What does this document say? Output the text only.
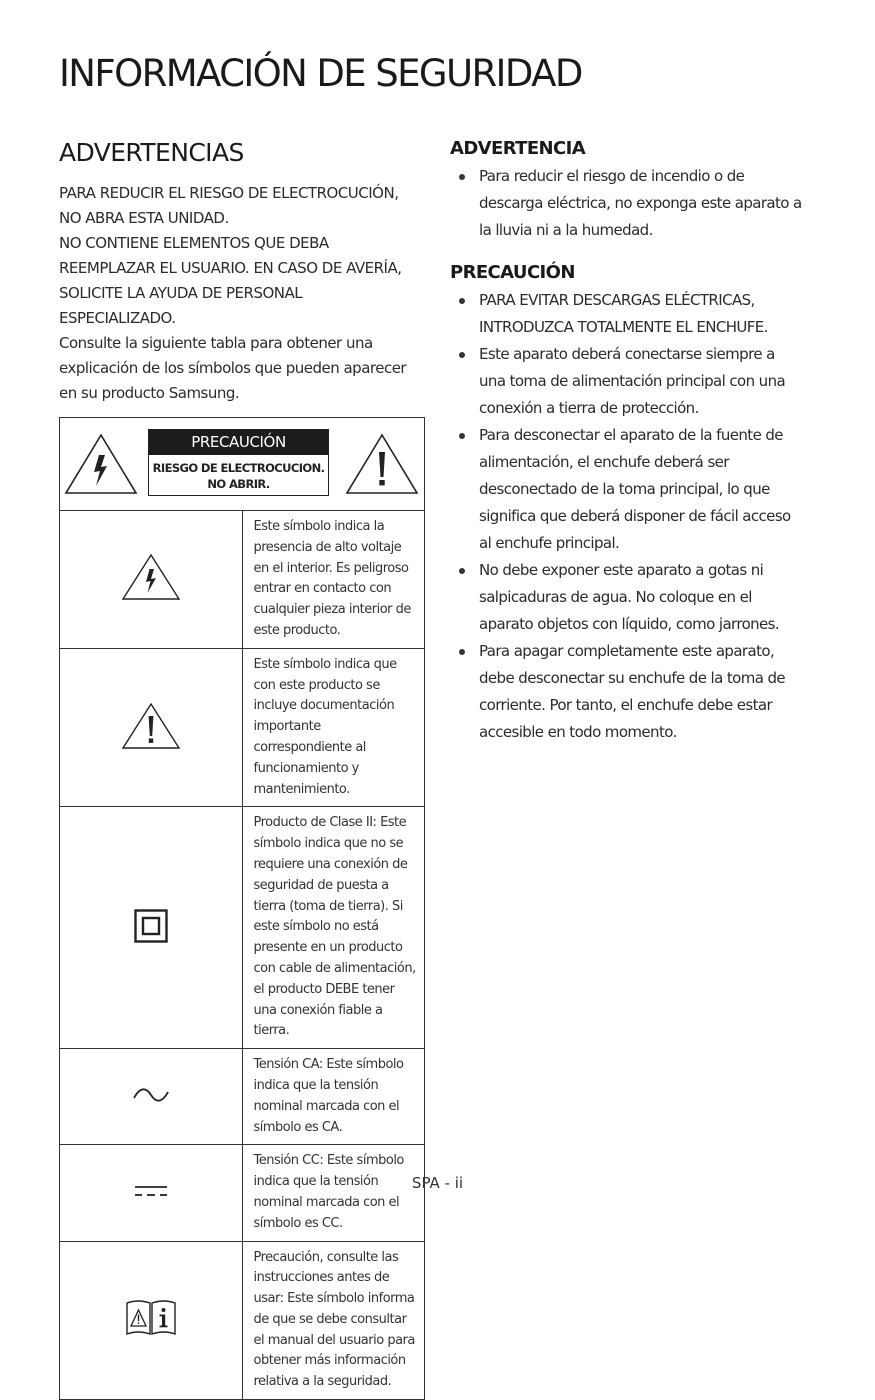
INFORMACIÓN DE SEGURIDAD
ADVERTENCIAS
PARA REDUCIR EL RIESGO DE ELECTROCUCIÓN,
NO ABRA ESTA UNIDAD.
NO CONTIENE ELEMENTOS QUE DEBA
REEMPLAZAR EL USUARIO. EN CASO DE AVERÍA,
SOLICITE LA AYUDA DE PERSONAL
ESPECIALIZADO.
Consulte la siguiente tabla para obtener una
explicación de los símbolos que pueden aparecer
en su producto Samsung.
PRECAUCIÓN
RIESGO DE ELECTROCUCION.
NO ABRIR.	

	Este símbolo indica la presencia de alto voltaje en el interior. Es peligroso entrar en contacto con cualquier pieza interior de este producto.
	Este símbolo indica que con este producto se incluye documentación importante correspondiente al funcionamiento y mantenimiento.
	Producto de Clase II: Este símbolo indica que no se requiere una conexión de seguridad de puesta a tierra (toma de tierra). Si este símbolo no está presente en un producto con cable de alimentación, el producto DEBE tener una conexión fiable a tierra.
	Tensión CA: Este símbolo indica que la tensión nominal marcada con el símbolo es CA.
	Tensión CC: Este símbolo indica que la tensión nominal marcada con el símbolo es CC.
	Precaución, consulte las instrucciones antes de usar: Este símbolo informa de que se debe consultar el manual del usuario para obtener más información relativa a la seguridad.
ADVERTENCIA
Para reducir el riesgo de incendio o de
descarga eléctrica, no exponga este aparato a
la lluvia ni a la humedad.
PRECAUCIÓN
PARA EVITAR DESCARGAS ELÉCTRICAS,
INTRODUZCA TOTALMENTE EL ENCHUFE.
Este aparato deberá conectarse siempre a
una toma de alimentación principal con una
conexión a tierra de protección.
Para desconectar el aparato de la fuente de
alimentación, el enchufe deberá ser
desconectado de la toma principal, lo que
significa que deberá disponer de fácil acceso
al enchufe principal.
No debe exponer este aparato a gotas ni
salpicaduras de agua. No coloque en el
aparato objetos con líquido, como jarrones.
Para apagar completamente este aparato,
debe desconectar su enchufe de la toma de
corriente. Por tanto, el enchufe debe estar
accesible en todo momento.
SPA - ii
